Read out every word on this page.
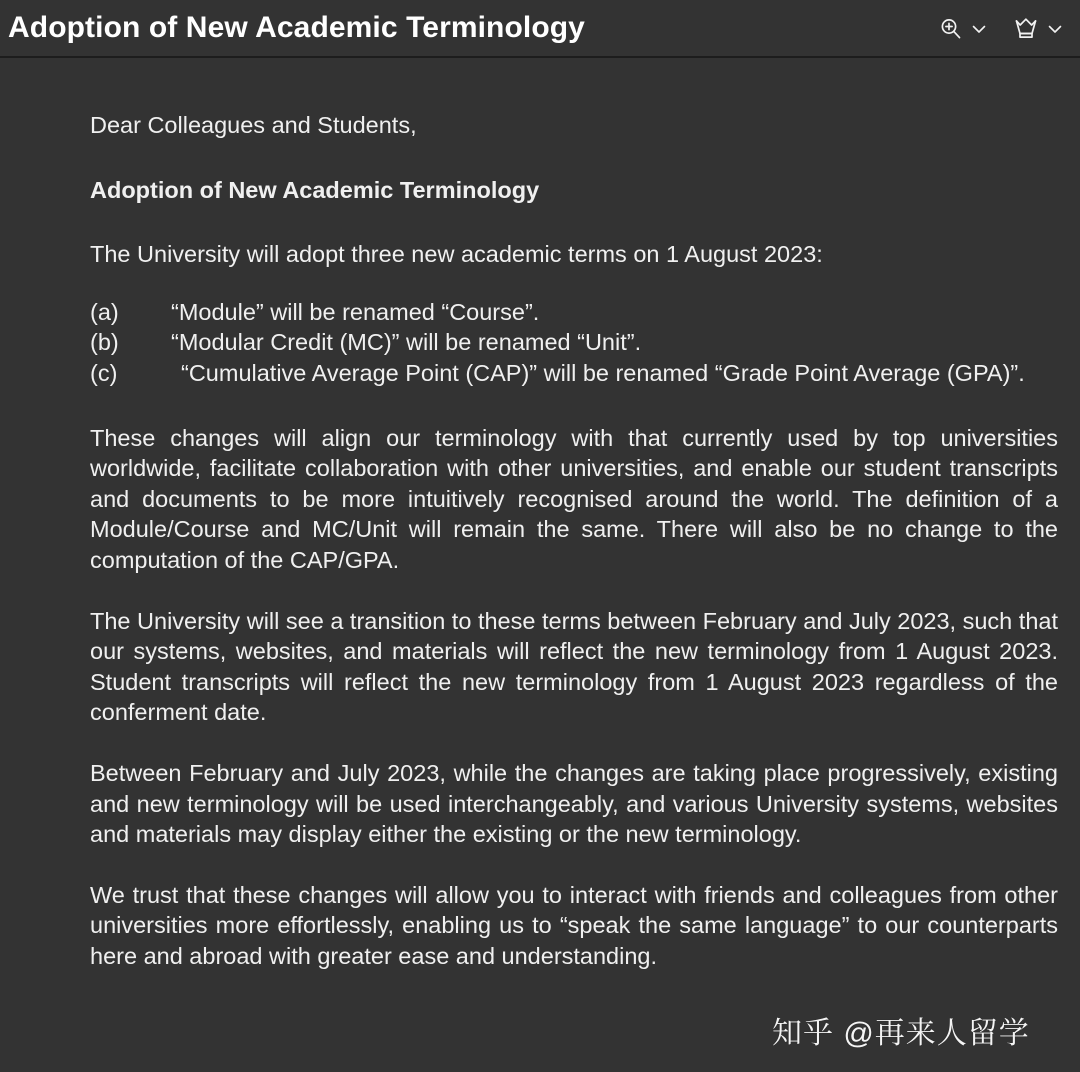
Adoption of New Academic Terminology

Dear Colleagues and Students,

Adoption of New Academic Terminology

The University will adopt three new academic terms on 1 August 2023:

(a)	“Module” will be renamed “Course”.
(b)	“Modular Credit (MC)” will be renamed “Unit”.
(c)	“Cumulative Average Point (CAP)” will be renamed “Grade Point Average (GPA)”.

These changes will align our terminology with that currently used by top universities worldwide, facilitate collaboration with other universities, and enable our student transcripts and documents to be more intuitively recognised around the world. The definition of a Module/Course and MC/Unit will remain the same. There will also be no change to the computation of the CAP/GPA.

The University will see a transition to these terms between February and July 2023, such that our systems, websites, and materials will reflect the new terminology from 1 August 2023. Student transcripts will reflect the new terminology from 1 August 2023 regardless of the conferment date.

Between February and July 2023, while the changes are taking place progressively, existing and new terminology will be used interchangeably, and various University systems, websites and materials may display either the existing or the new terminology.

We trust that these changes will allow you to interact with friends and colleagues from other universities more effortlessly, enabling us to “speak the same language” to our counterparts here and abroad with greater ease and understanding.

知乎 @再来人留学
